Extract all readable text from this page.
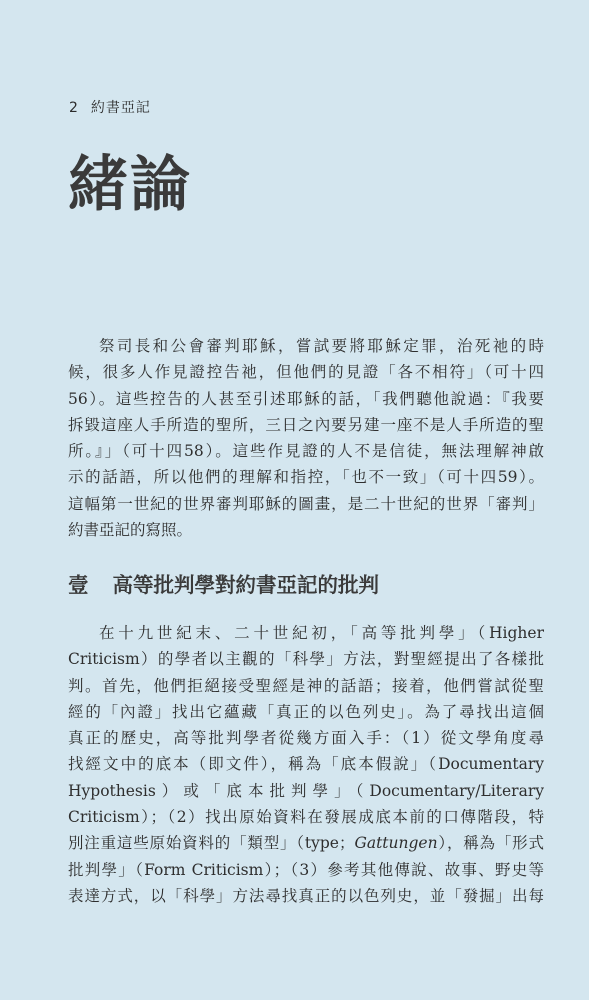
2 約書亞記
緒論
祭司長和公會審判耶穌，嘗試要將耶穌定罪，治死祂的時
候，很多人作見證控告祂，但他們的見證「各不相符」（可十四
56）。這些控告的人甚至引述耶穌的話，「我們聽他說過：『我要
拆毀這座人手所造的聖所，三日之內要另建一座不是人手所造的聖
所。』」（可十四58）。這些作見證的人不是信徒，無法理解神啟
示的話語，所以他們的理解和指控，「也不一致」（可十四59）。
這幅第一世紀的世界審判耶穌的圖畫，是二十世紀的世界「審判」
約書亞記的寫照。
壹 高等批判學對約書亞記的批判
在十九世紀末、二十世紀初，「高等批判學」（Higher
Criticism）的學者以主觀的「科學」方法，對聖經提出了各樣批
判。首先，他們拒絕接受聖經是神的話語；接着，他們嘗試從聖
經的「內證」找出它蘊藏「真正的以色列史」。為了尋找出這個
真正的歷史，高等批判學者從幾方面入手：（1）從文學角度尋
找經文中的底本（即文件），稱為「底本假說」（Documentary
Hypothesis）或「底本批判學」（Documentary/Literary
Criticism）；（2）找出原始資料在發展成底本前的口傳階段，特
別注重這些原始資料的「類型」（type；Gattungen），稱為「形式
批判學」（Form Criticism）；（3）參考其他傳說、故事、野史等
表達方式，以「科學」方法尋找真正的以色列史，並「發掘」出每
